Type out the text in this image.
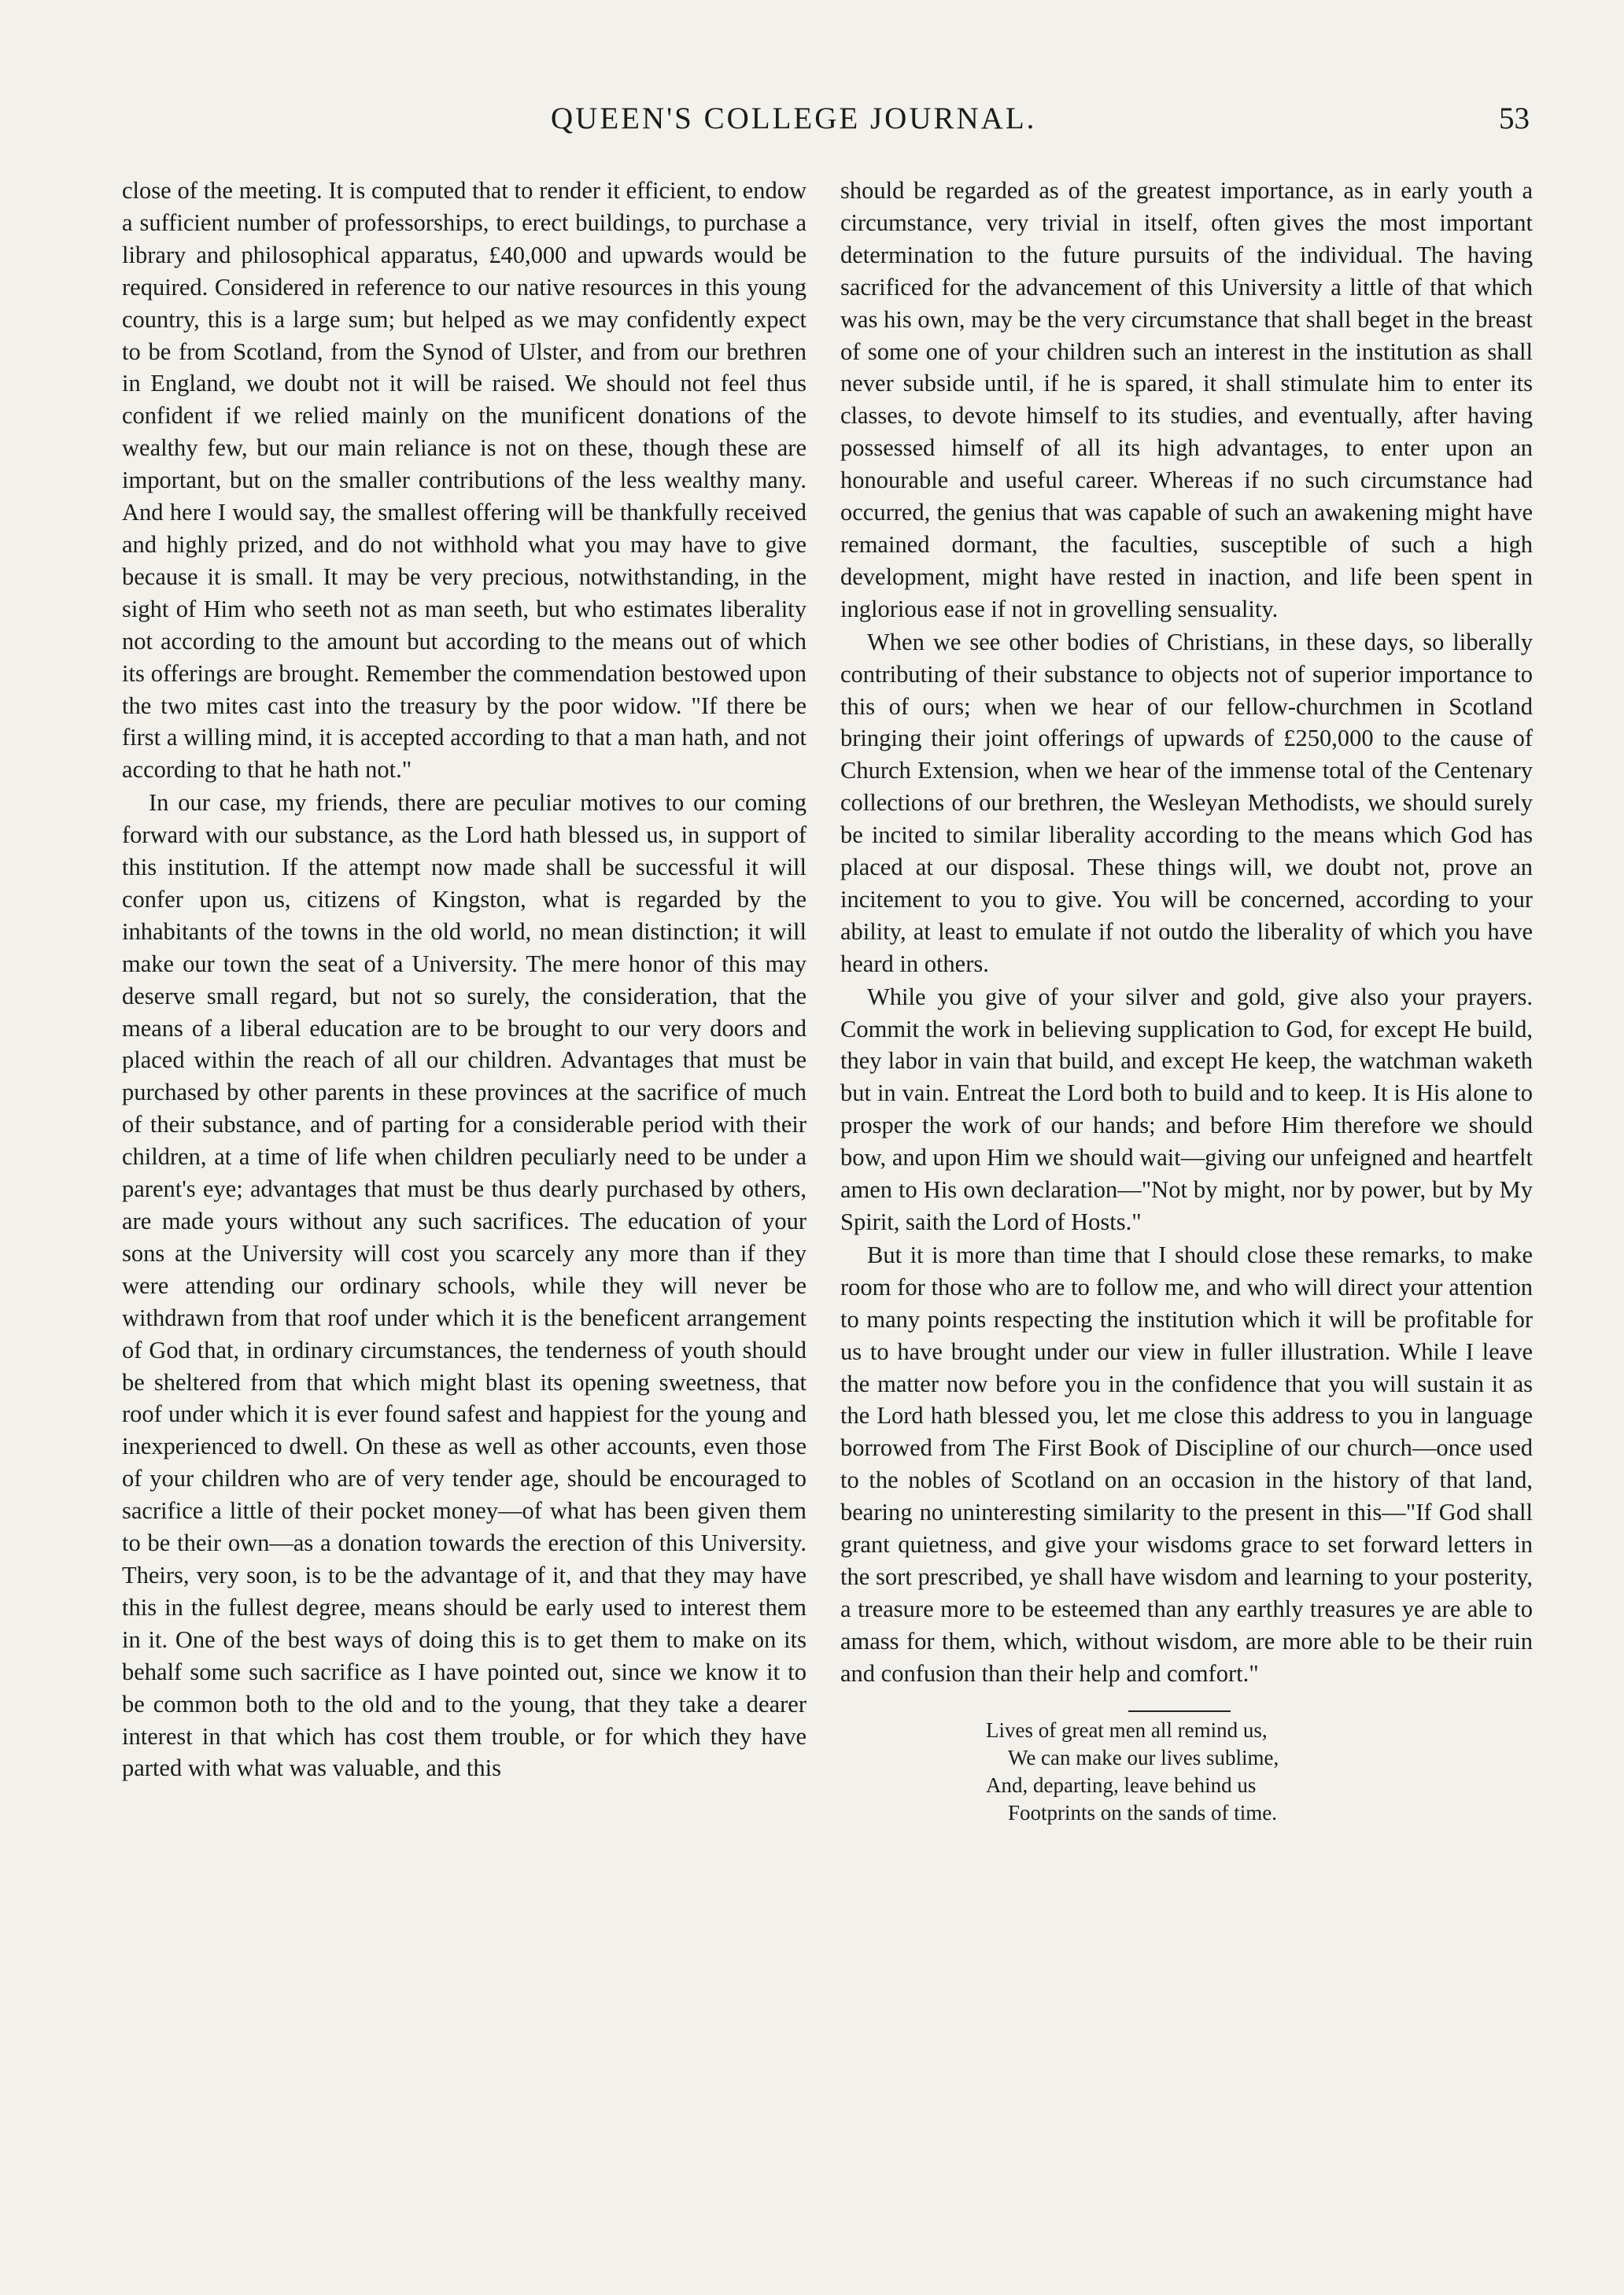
QUEEN'S COLLEGE JOURNAL.	53

close of the meeting. It is computed that to render it efficient, to endow a sufficient number of professorships, to erect buildings, to purchase a library and philosophical apparatus, £40,000 and upwards would be required. Considered in reference to our native resources in this young country, this is a large sum; but helped as we may confidently expect to be from Scotland, from the Synod of Ulster, and from our brethren in England, we doubt not it will be raised. We should not feel thus confident if we relied mainly on the munificent donations of the wealthy few, but our main reliance is not on these, though these are important, but on the smaller contributions of the less wealthy many. And here I would say, the smallest offering will be thankfully received and highly prized, and do not withhold what you may have to give because it is small. It may be very precious, notwithstanding, in the sight of Him who seeth not as man seeth, but who estimates liberality not according to the amount but according to the means out of which its offerings are brought. Remember the commendation bestowed upon the two mites cast into the treasury by the poor widow. "If there be first a willing mind, it is accepted according to that a man hath, and not according to that he hath not."

In our case, my friends, there are peculiar motives to our coming forward with our substance, as the Lord hath blessed us, in support of this institution. If the attempt now made shall be successful it will confer upon us, citizens of Kingston, what is regarded by the inhabitants of the towns in the old world, no mean distinction; it will make our town the seat of a University. The mere honor of this may deserve small regard, but not so surely, the consideration, that the means of a liberal education are to be brought to our very doors and placed within the reach of all our children. Advantages that must be purchased by other parents in these provinces at the sacrifice of much of their substance, and of parting for a considerable period with their children, at a time of life when children peculiarly need to be under a parent's eye; advantages that must be thus dearly purchased by others, are made yours without any such sacrifices. The education of your sons at the University will cost you scarcely any more than if they were attending our ordinary schools, while they will never be withdrawn from that roof under which it is the beneficent arrangement of God that, in ordinary circumstances, the tenderness of youth should be sheltered from that which might blast its opening sweetness, that roof under which it is ever found safest and happiest for the young and inexperienced to dwell. On these as well as other accounts, even those of your children who are of very tender age, should be encouraged to sacrifice a little of their pocket money—of what has been given them to be their own—as a donation towards the erection of this University. Theirs, very soon, is to be the advantage of it, and that they may have this in the fullest degree, means should be early used to interest them in it. One of the best ways of doing this is to get them to make on its behalf some such sacrifice as I have pointed out, since we know it to be common both to the old and to the young, that they take a dearer interest in that which has cost them trouble, or for which they have parted with what was valuable, and this

should be regarded as of the greatest importance, as in early youth a circumstance, very trivial in itself, often gives the most important determination to the future pursuits of the individual. The having sacrificed for the advancement of this University a little of that which was his own, may be the very circumstance that shall beget in the breast of some one of your children such an interest in the institution as shall never subside until, if he is spared, it shall stimulate him to enter its classes, to devote himself to its studies, and eventually, after having possessed himself of all its high advantages, to enter upon an honourable and useful career. Whereas if no such circumstance had occurred, the genius that was capable of such an awakening might have remained dormant, the faculties, susceptible of such a high development, might have rested in inaction, and life been spent in inglorious ease if not in grovelling sensuality.

When we see other bodies of Christians, in these days, so liberally contributing of their substance to objects not of superior importance to this of ours; when we hear of our fellow-churchmen in Scotland bringing their joint offerings of upwards of £250,000 to the cause of Church Extension, when we hear of the immense total of the Centenary collections of our brethren, the Wesleyan Methodists, we should surely be incited to similar liberality according to the means which God has placed at our disposal. These things will, we doubt not, prove an incitement to you to give. You will be concerned, according to your ability, at least to emulate if not outdo the liberality of which you have heard in others.

While you give of your silver and gold, give also your prayers. Commit the work in believing supplication to God, for except He build, they labor in vain that build, and except He keep, the watchman waketh but in vain. Entreat the Lord both to build and to keep. It is His alone to prosper the work of our hands; and before Him therefore we should bow, and upon Him we should wait—giving our unfeigned and heartfelt amen to His own declaration—"Not by might, nor by power, but by My Spirit, saith the Lord of Hosts."

But it is more than time that I should close these remarks, to make room for those who are to follow me, and who will direct your attention to many points respecting the institution which it will be profitable for us to have brought under our view in fuller illustration. While I leave the matter now before you in the confidence that you will sustain it as the Lord hath blessed you, let me close this address to you in language borrowed from The First Book of Discipline of our church—once used to the nobles of Scotland on an occasion in the history of that land, bearing no uninteresting similarity to the present in this—"If God shall grant quietness, and give your wisdoms grace to set forward letters in the sort prescribed, ye shall have wisdom and learning to your posterity, a treasure more to be esteemed than any earthly treasures ye are able to amass for them, which, without wisdom, are more able to be their ruin and confusion than their help and comfort."

Lives of great men all remind us,
We can make our lives sublime,
And, departing, leave behind us
Footprints on the sands of time.
